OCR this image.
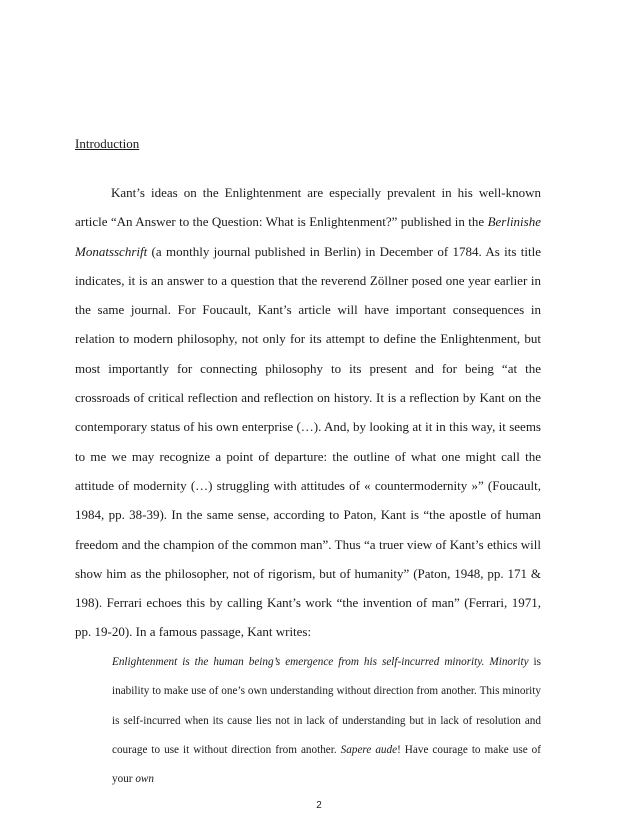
Introduction

Kant’s ideas on the Enlightenment are especially prevalent in his well-known article “An Answer to the Question: What is Enlightenment?” published in the Berlinishe Monatsschrift (a monthly journal published in Berlin) in December of 1784. As its title indicates, it is an answer to a question that the reverend Zöllner posed one year earlier in the same journal. For Foucault, Kant’s article will have important consequences in relation to modern philosophy, not only for its attempt to define the Enlightenment, but most importantly for connecting philosophy to its present and for being “at the crossroads of critical reflection and reflection on history. It is a reflection by Kant on the contemporary status of his own enterprise (…). And, by looking at it in this way, it seems to me we may recognize a point of departure: the outline of what one might call the attitude of modernity (…) struggling with attitudes of « countermodernity »” (Foucault, 1984, pp. 38-39). In the same sense, according to Paton, Kant is “the apostle of human freedom and the champion of the common man”. Thus “a truer view of Kant’s ethics will show him as the philosopher, not of rigorism, but of humanity” (Paton, 1948, pp. 171 & 198). Ferrari echoes this by calling Kant’s work “the invention of man” (Ferrari, 1971, pp. 19-20). In a famous passage, Kant writes:

Enlightenment is the human being’s emergence from his self-incurred minority. Minority is inability to make use of one’s own understanding without direction from another. This minority is self-incurred when its cause lies not in lack of understanding but in lack of resolution and courage to use it without direction from another. Sapere aude! Have courage to make use of your own
2
